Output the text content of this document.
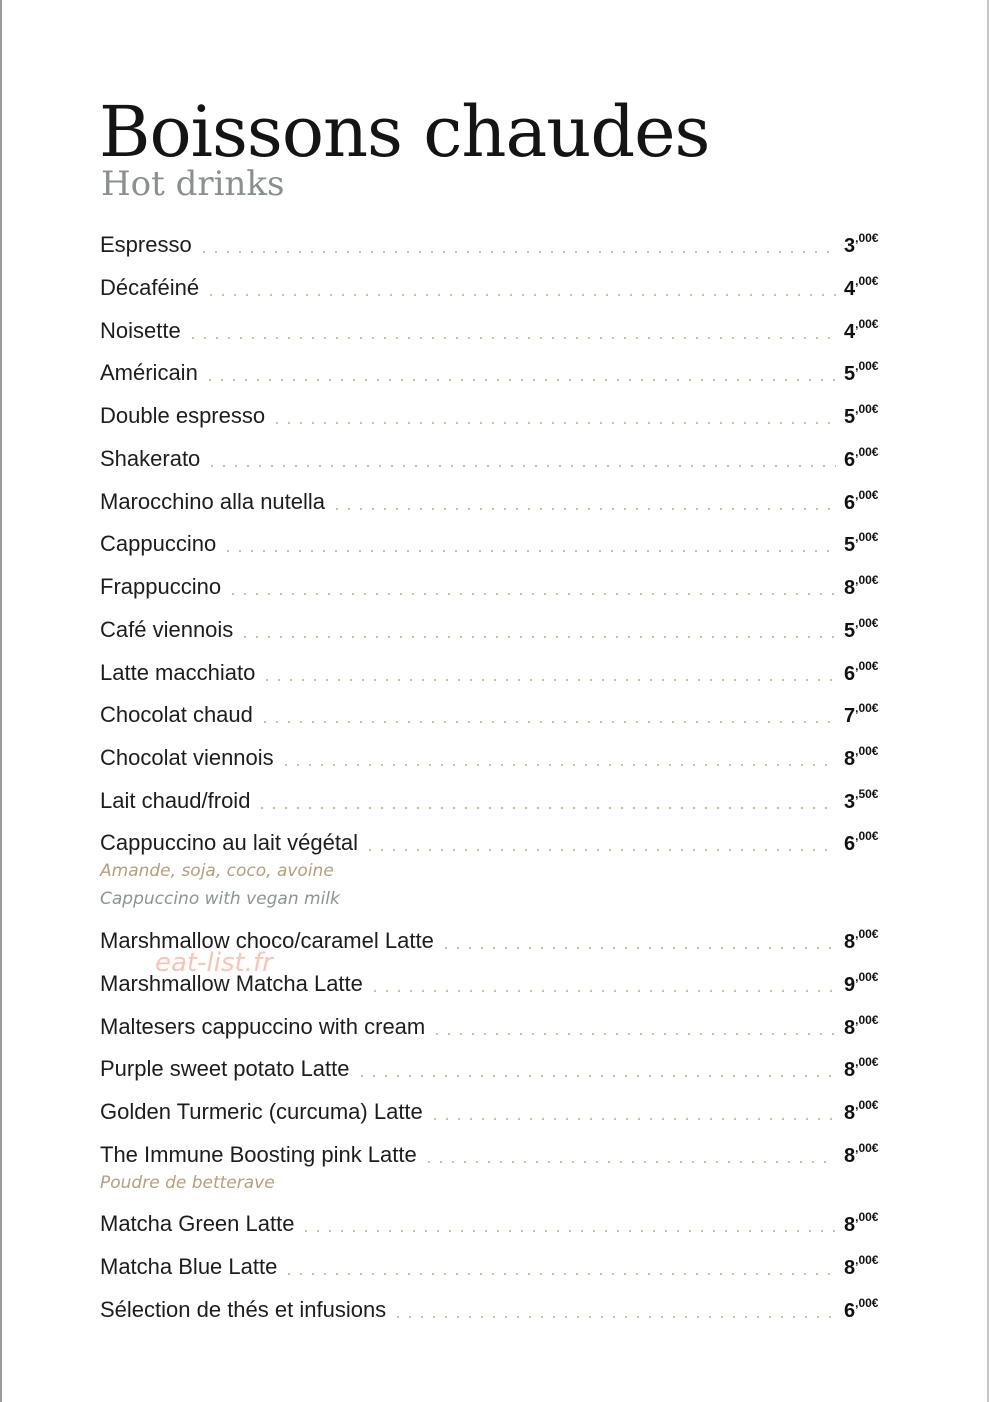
Boissons chaudes
Hot drinks
Espresso	3 ,00€
Décaféiné	4 ,00€
Noisette	4 ,00€
Américain	5 ,00€
Double espresso	5 ,00€
Shakerato	6 ,00€
Marocchino alla nutella	6 ,00€
Cappuccino	5 ,00€
Frappuccino	8 ,00€
Café viennois	5 ,00€
Latte macchiato	6 ,00€
Chocolat chaud	7 ,00€
Chocolat viennois	8 ,00€
Lait chaud/froid	3 ,50€
Cappuccino au lait végétal	6 ,00€
Amande, soja, coco, avoine
Cappuccino with vegan milk
Marshmallow choco/caramel Latte	8 ,00€
Marshmallow Matcha Latte	9 ,00€
Maltesers cappuccino with cream	8 ,00€
Purple sweet potato Latte	8 ,00€
Golden Turmeric (curcuma) Latte	8 ,00€
The Immune Boosting pink Latte	8 ,00€
Poudre de betterave
Matcha Green Latte	8 ,00€
Matcha Blue Latte	8 ,00€
Sélection de thés et infusions	6 ,00€
eat-list.fr
